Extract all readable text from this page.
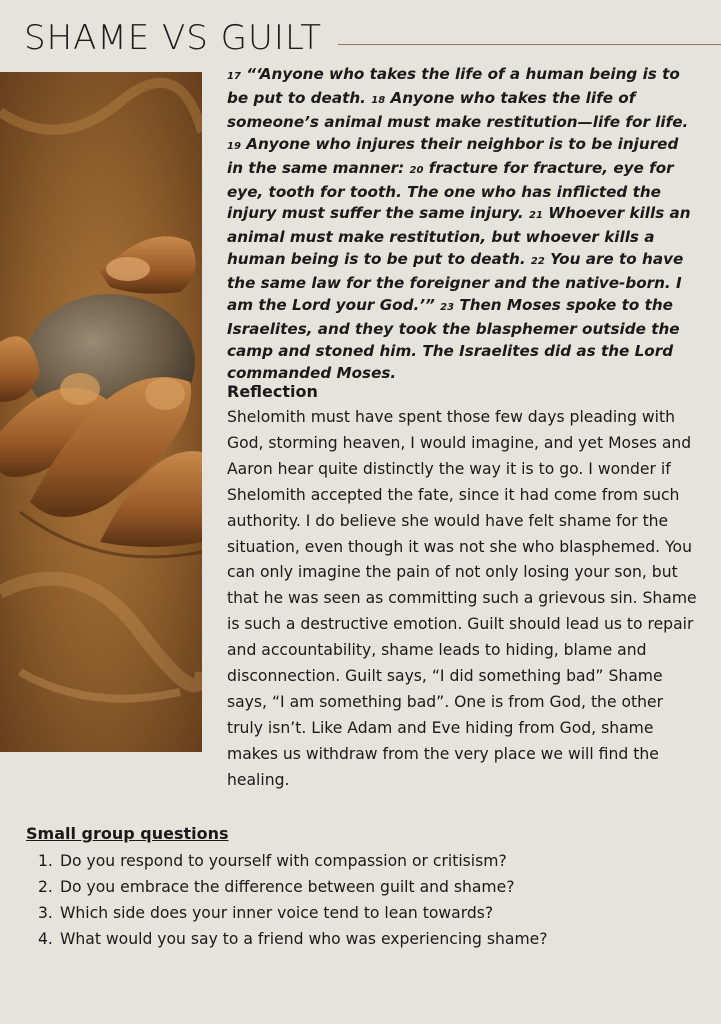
SHAME VS GUILT

17 “‘Anyone who takes the life of a human being is to be put to death. 18 Anyone who takes the life of someone’s animal must make restitution—life for life. 19 Anyone who injures their neighbor is to be injured in the same manner: 20 fracture for fracture, eye for eye, tooth for tooth. The one who has inflicted the injury must suffer the same injury. 21 Whoever kills an animal must make restitution, but whoever kills a human being is to be put to death. 22 You are to have the same law for the foreigner and the native-born. I am the Lord your God.’” 23 Then Moses spoke to the Israelites, and they took the blasphemer outside the camp and stoned him. The Israelites did as the Lord commanded Moses.

Reflection

Shelomith must have spent those few days pleading with God, storming heaven, I would imagine, and yet Moses and Aaron hear quite distinctly the way it is to go. I wonder if Shelomith accepted the fate, since it had come from such authority. I do believe she would have felt shame for the situation, even though it was not she who blasphemed. You can only imagine the pain of not only losing your son, but that he was seen as committing such a grievous sin. Shame is such a destructive emotion. Guilt should lead us to repair and accountability, shame leads to hiding, blame and disconnection. Guilt says, “I did something bad” Shame says, “I am something bad”. One is from God, the other truly isn’t. Like Adam and Eve hiding from God, shame makes us withdraw from the very place we will find the healing.

Small group questions
1. Do you respond to yourself with compassion or critisism?
2. Do you embrace the difference between guilt and shame?
3. Which side does your inner voice tend to lean towards?
4. What would you say to a friend who was experiencing shame?
